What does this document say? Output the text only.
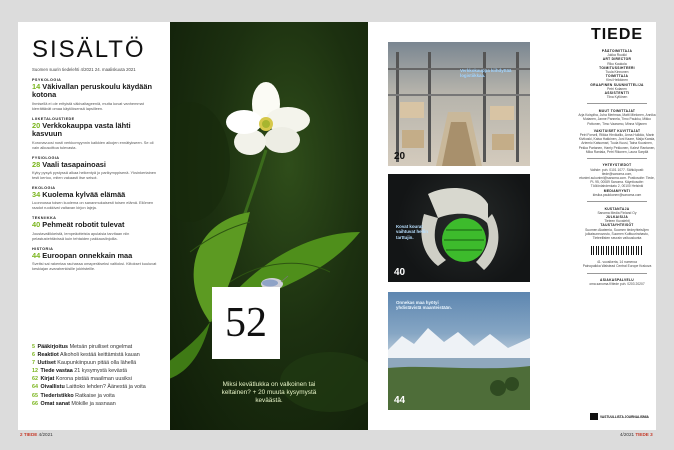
SISÄLTÖ
Suomen suurin tiedelehti 4/2021 24. maaliskuuta 2021
PSYKOLOGIA
14 Väkivallan peruskoulu käydään kotona
Ihmisellä ei ole erityistä väkivaltageeniä, mutta kovat vanhemmat kierrättävät omaa käytöksensä lapsilleen.
LIIKETALOUSTIEDE
20 Verkkokauppa vasta lähti kasvuun
Koronavuosi nosti verkkomyynnin kaikkien aikojen ennätykseen. Se oli vain alkusoittoa tulevasta.
FYSIOLOGIA
28 Vaali tasapainoasi
Kyky pysyä pystyssä alkaa heikentyä jo parikymppisenä. Yksinkertainen testi kertoo, miten vakaasti itse seisot.
EKOLOGIA
34 Kuolema kylvää elämää
Luonnossa toisen kuolema on sananmukaisesti toisen elämä. Eliömen raadot ruokkivat valtavan kirjon lajeja.
TEKNIIKKA
40 Pehmeät robotit tulevat
Joustavaliikkeistä, lempeäotteista apulaisia tarvitaan niin pelastustehtävissä kuin tehtaiden pakkauslinjoilla.
HISTORIA
44 Euroopan onnekkain maa
Sveitsi sai rakentaa rauhassa omaperäiseksi valtioksi. Kiitokset kuuluvat keskiajan avarahenkisille jokiristeille.
5 Pääkirjoitus Metsän piruiliset ongelmat
6 Reaktiot Alkoholi kestää keittämistä kauan
7 Uutiset Kaupunkiinpuun pitää olla lähellä
12 Tiede vastaa 21 kysymystä kevästä
62 Kirjat Korona pistää maailman uusiksi
64 Oivallistu Laittoko lehden? Äänestä ja voita
65 Tiederistikko Ratkaise ja voita
66 Omat sanat Mökille ja sasnaan
52
Miksi kevätlukka on valkoinen tai keltainen? + 20 muuta kysymystä keväästä.
Verkkokauppa kiihdyttää logistiikkaa.
20
Kovat kourat vaihtuvat hellin tarttujin.
40
Onnekas maa hyötyi yhdistävistä maanteistään.
44
TIEDE
PÄÄTOIMITTAJA
Jukka Ruukki
ART DIRECTOR
Riku Kaukola
TOIMITUSSIHTEERI
Tuula Kinnunen
TOIMITTAJA
Kirsi Heikkinen
GRAAFINEN SUUNNITTELIJA
Petri Kolanen
ASSISTENTTI
Tiina Kyllönen
MUUT TOIMITTAJAT
Arja Koispiha, Juha Merimaa, Matti Mielonen, Annika Mutanen, Janne Pannela, Timo Paukku, Mikko Pottonen, Timo Vaaramo, Minna Viljanen
VAKITUISET KUVITTAJAT
Petri Forsell, Riikka Hirvikallio, Anna Hulkkio, Marin Kivikoski, Kaisa Hakkinen, Joni Kaare, Maija Karala, Artemio Katsumari, Tuula Kuusi, Taina Kuusinen, Pekka Partanen, Harriy Pekkonen, Kalevi Rantanen, Mika Rantala, Petri Rikonen, Laura Sarpilä
YHTEYSTIEDOT
Vaihde: puh. 0101 1077. Sähköposti: tiede@sanoma.com, etunimi.sukunimi@sanoma.com. Postiosoite: Tiede, PL 95, 00089 Sanoma. Käyntiosoite: Töölönlahdenkatu 2, 00100 Helsinki
MEDIAMYYNTI
kirsika.paukkonen@sanoma.com
KUSTANTAJA
Sanoma Media Finland Oy
JULKAISIJA
Tieteen Kuvalehti
TAUSTAYHTEISÖT
Suomen Akatemia, Suomen tiedeyhteisöjen julkaisuneuvosto, Suomen Kulttuurirahasto, Tieteellisten seurain valtuuskunta
41. vuosikerta, 14 numeroa
Painopaikka Walstead Central Europe Krakova
ASIAKASPALVELU
oma.sanoma.fi/tiede puh. 0203 20207
VASTUULLISTA JOURNALISMIA
2 TIEDE 4/2021	4/2021 TIEDE 3
